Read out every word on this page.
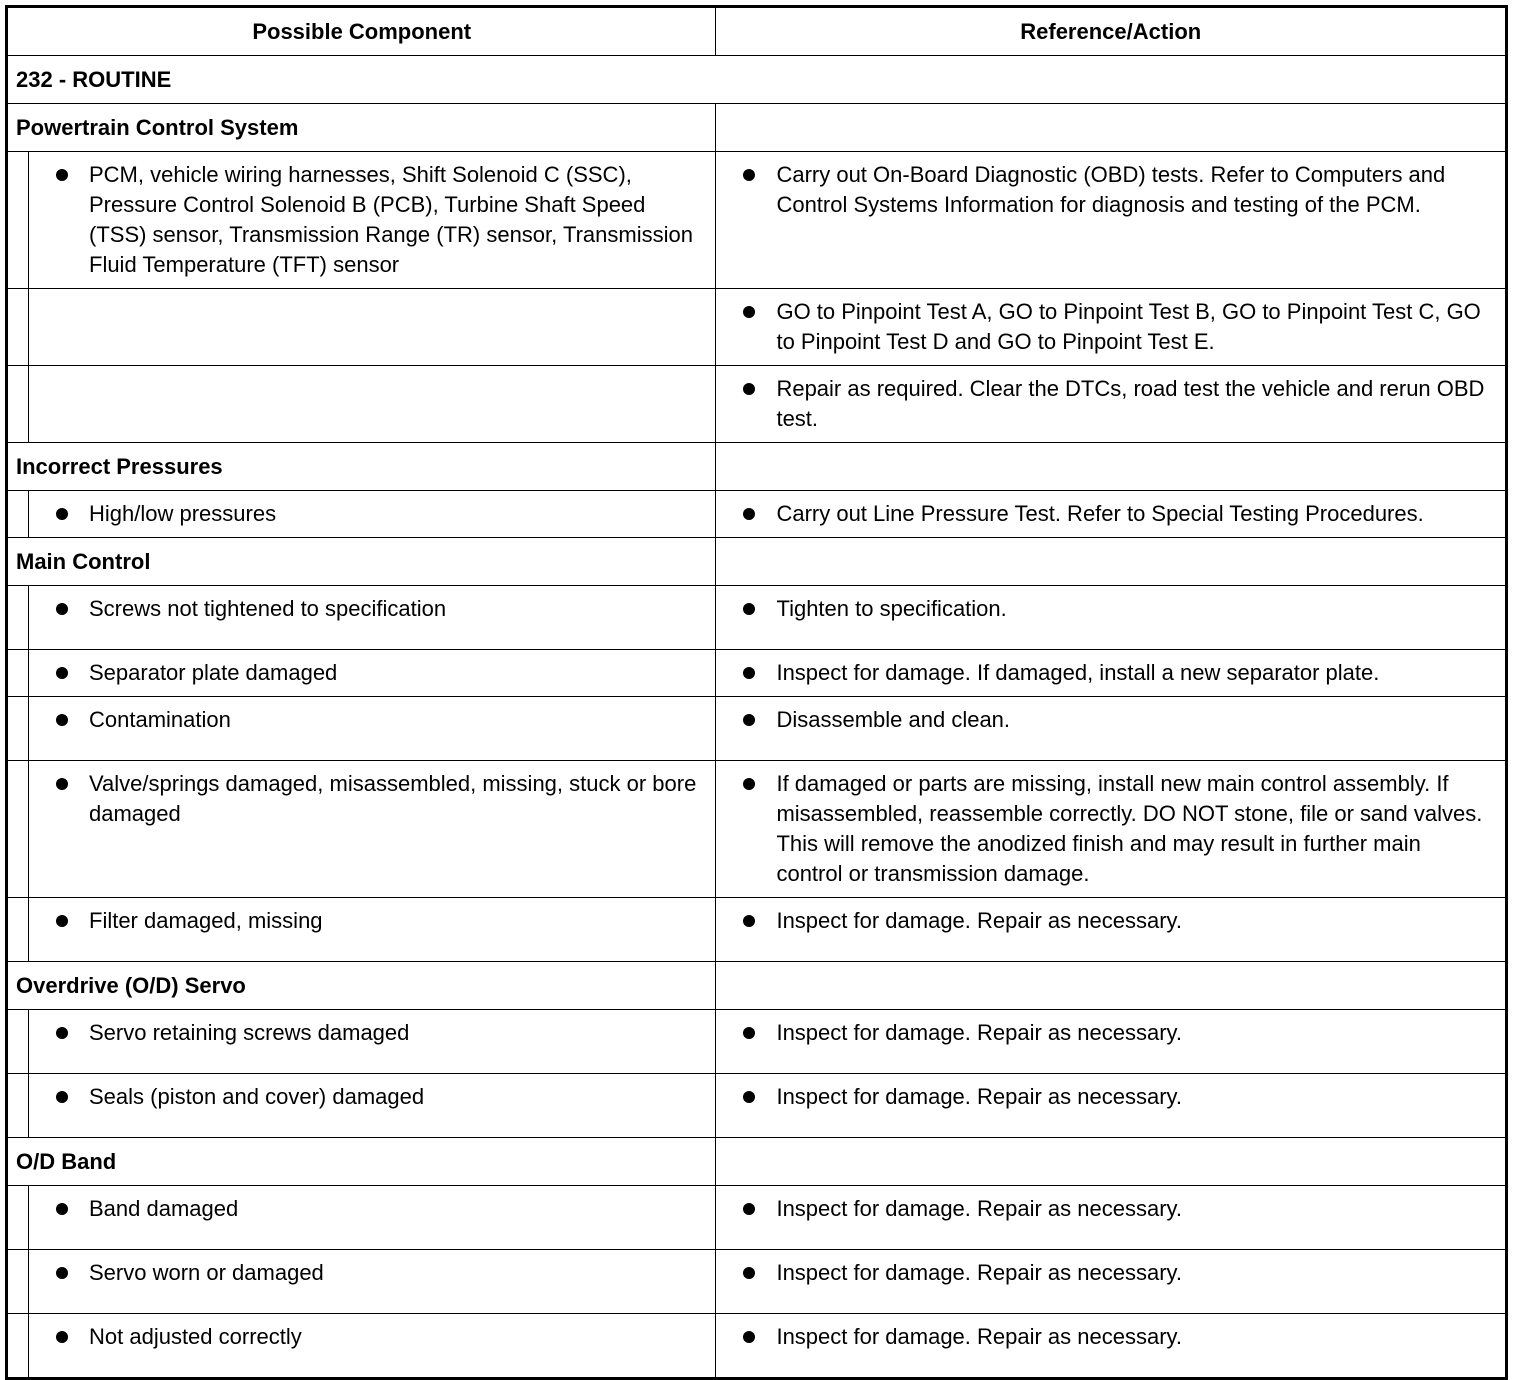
Possible Component		Reference/Action
232 - ROUTINE		
Powertrain Control System		

	PCM, vehicle wiring harnesses, Shift Solenoid C (SSC), Pressure Control Solenoid B (PCB), Turbine Shaft Speed (TSS) sensor, Transmission Range (TR) sensor, Transmission Fluid Temperature (TFT) sensor	Carry out On-Board Diagnostic (OBD) tests. Refer to Computers and Control Systems Information for diagnosis and testing of the PCM.

		GO to Pinpoint Test A, GO to Pinpoint Test B, GO to Pinpoint Test C, GO to Pinpoint Test D and GO to Pinpoint Test E.

		Repair as required. Clear the DTCs, road test the vehicle and rerun OBD test.

Incorrect Pressures		

	High/low pressures	Carry out Line Pressure Test. Refer to Special Testing Procedures.

Main Control		

	Screws not tightened to specification	Tighten to specification.

	Separator plate damaged	Inspect for damage. If damaged, install a new separator plate.

	Contamination	Disassemble and clean.

	Valve/springs damaged, misassembled, missing, stuck or bore damaged	If damaged or parts are missing, install new main control assembly. If misassembled, reassemble correctly. DO NOT stone, file or sand valves. This will remove the anodized finish and may result in further main control or transmission damage.

	Filter damaged, missing	Inspect for damage. Repair as necessary.

Overdrive (O/D) Servo		

	Servo retaining screws damaged	Inspect for damage. Repair as necessary.

	Seals (piston and cover) damaged	Inspect for damage. Repair as necessary.

O/D Band		

	Band damaged	Inspect for damage. Repair as necessary.

	Servo worn or damaged	Inspect for damage. Repair as necessary.

	Not adjusted correctly	Inspect for damage. Repair as necessary.
